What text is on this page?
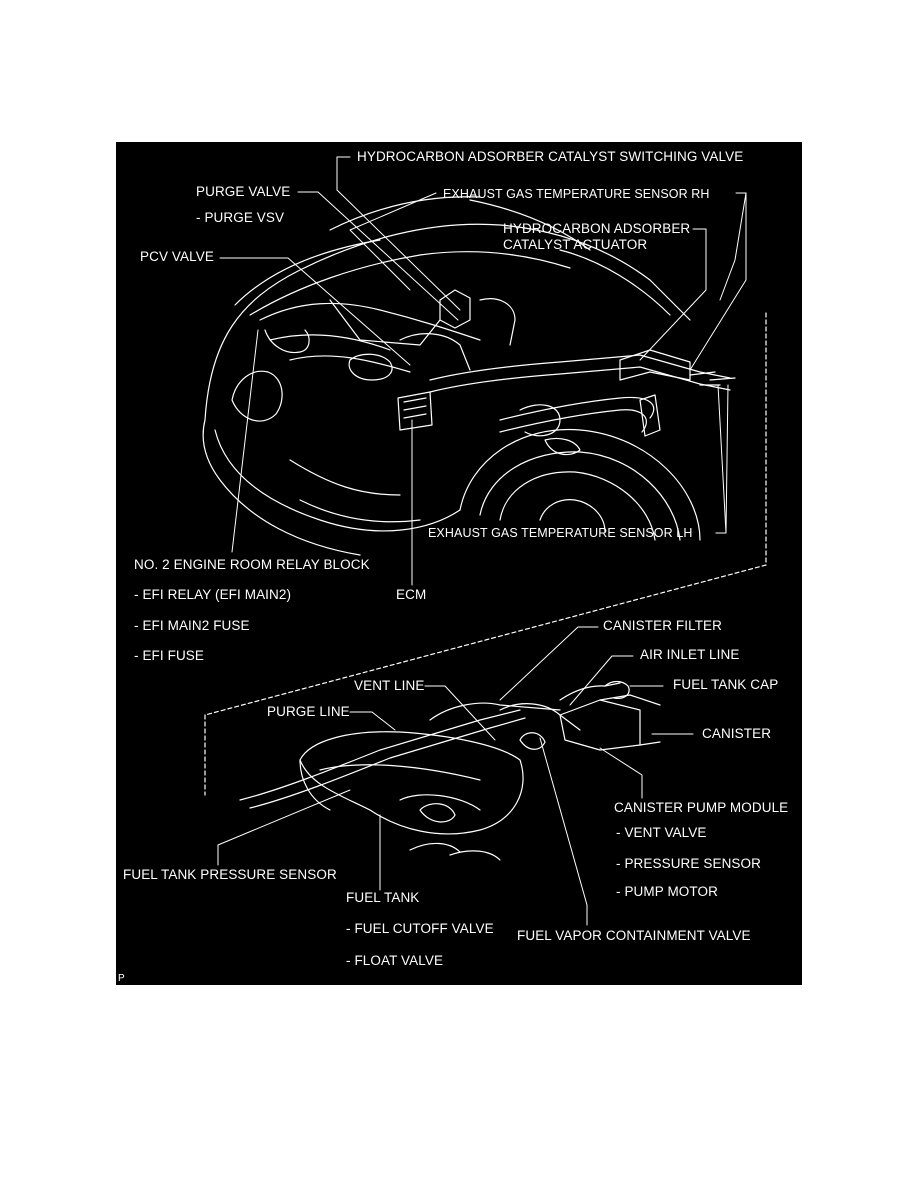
HYDROCARBON ADSORBER CATALYST SWITCHING VALVE
PURGE VALVE
- PURGE VSV
EXHAUST GAS TEMPERATURE SENSOR RH
HYDROCARBON ADSORBER
CATALYST ACTUATOR
PCV VALVE
EXHAUST GAS TEMPERATURE SENSOR LH
NO. 2 ENGINE ROOM RELAY BLOCK
- EFI RELAY (EFI MAIN2)
- EFI MAIN2 FUSE
- EFI FUSE
ECM
CANISTER FILTER
AIR INLET LINE
VENT LINE	FUEL TANK CAP
PURGE LINE
CANISTER
CANISTER PUMP MODULE
- VENT VALVE
- PRESSURE SENSOR
- PUMP MOTOR
FUEL TANK PRESSURE SENSOR
FUEL TANK
- FUEL CUTOFF VALVE
- FLOAT VALVE
FUEL VAPOR CONTAINMENT VALVE
P
